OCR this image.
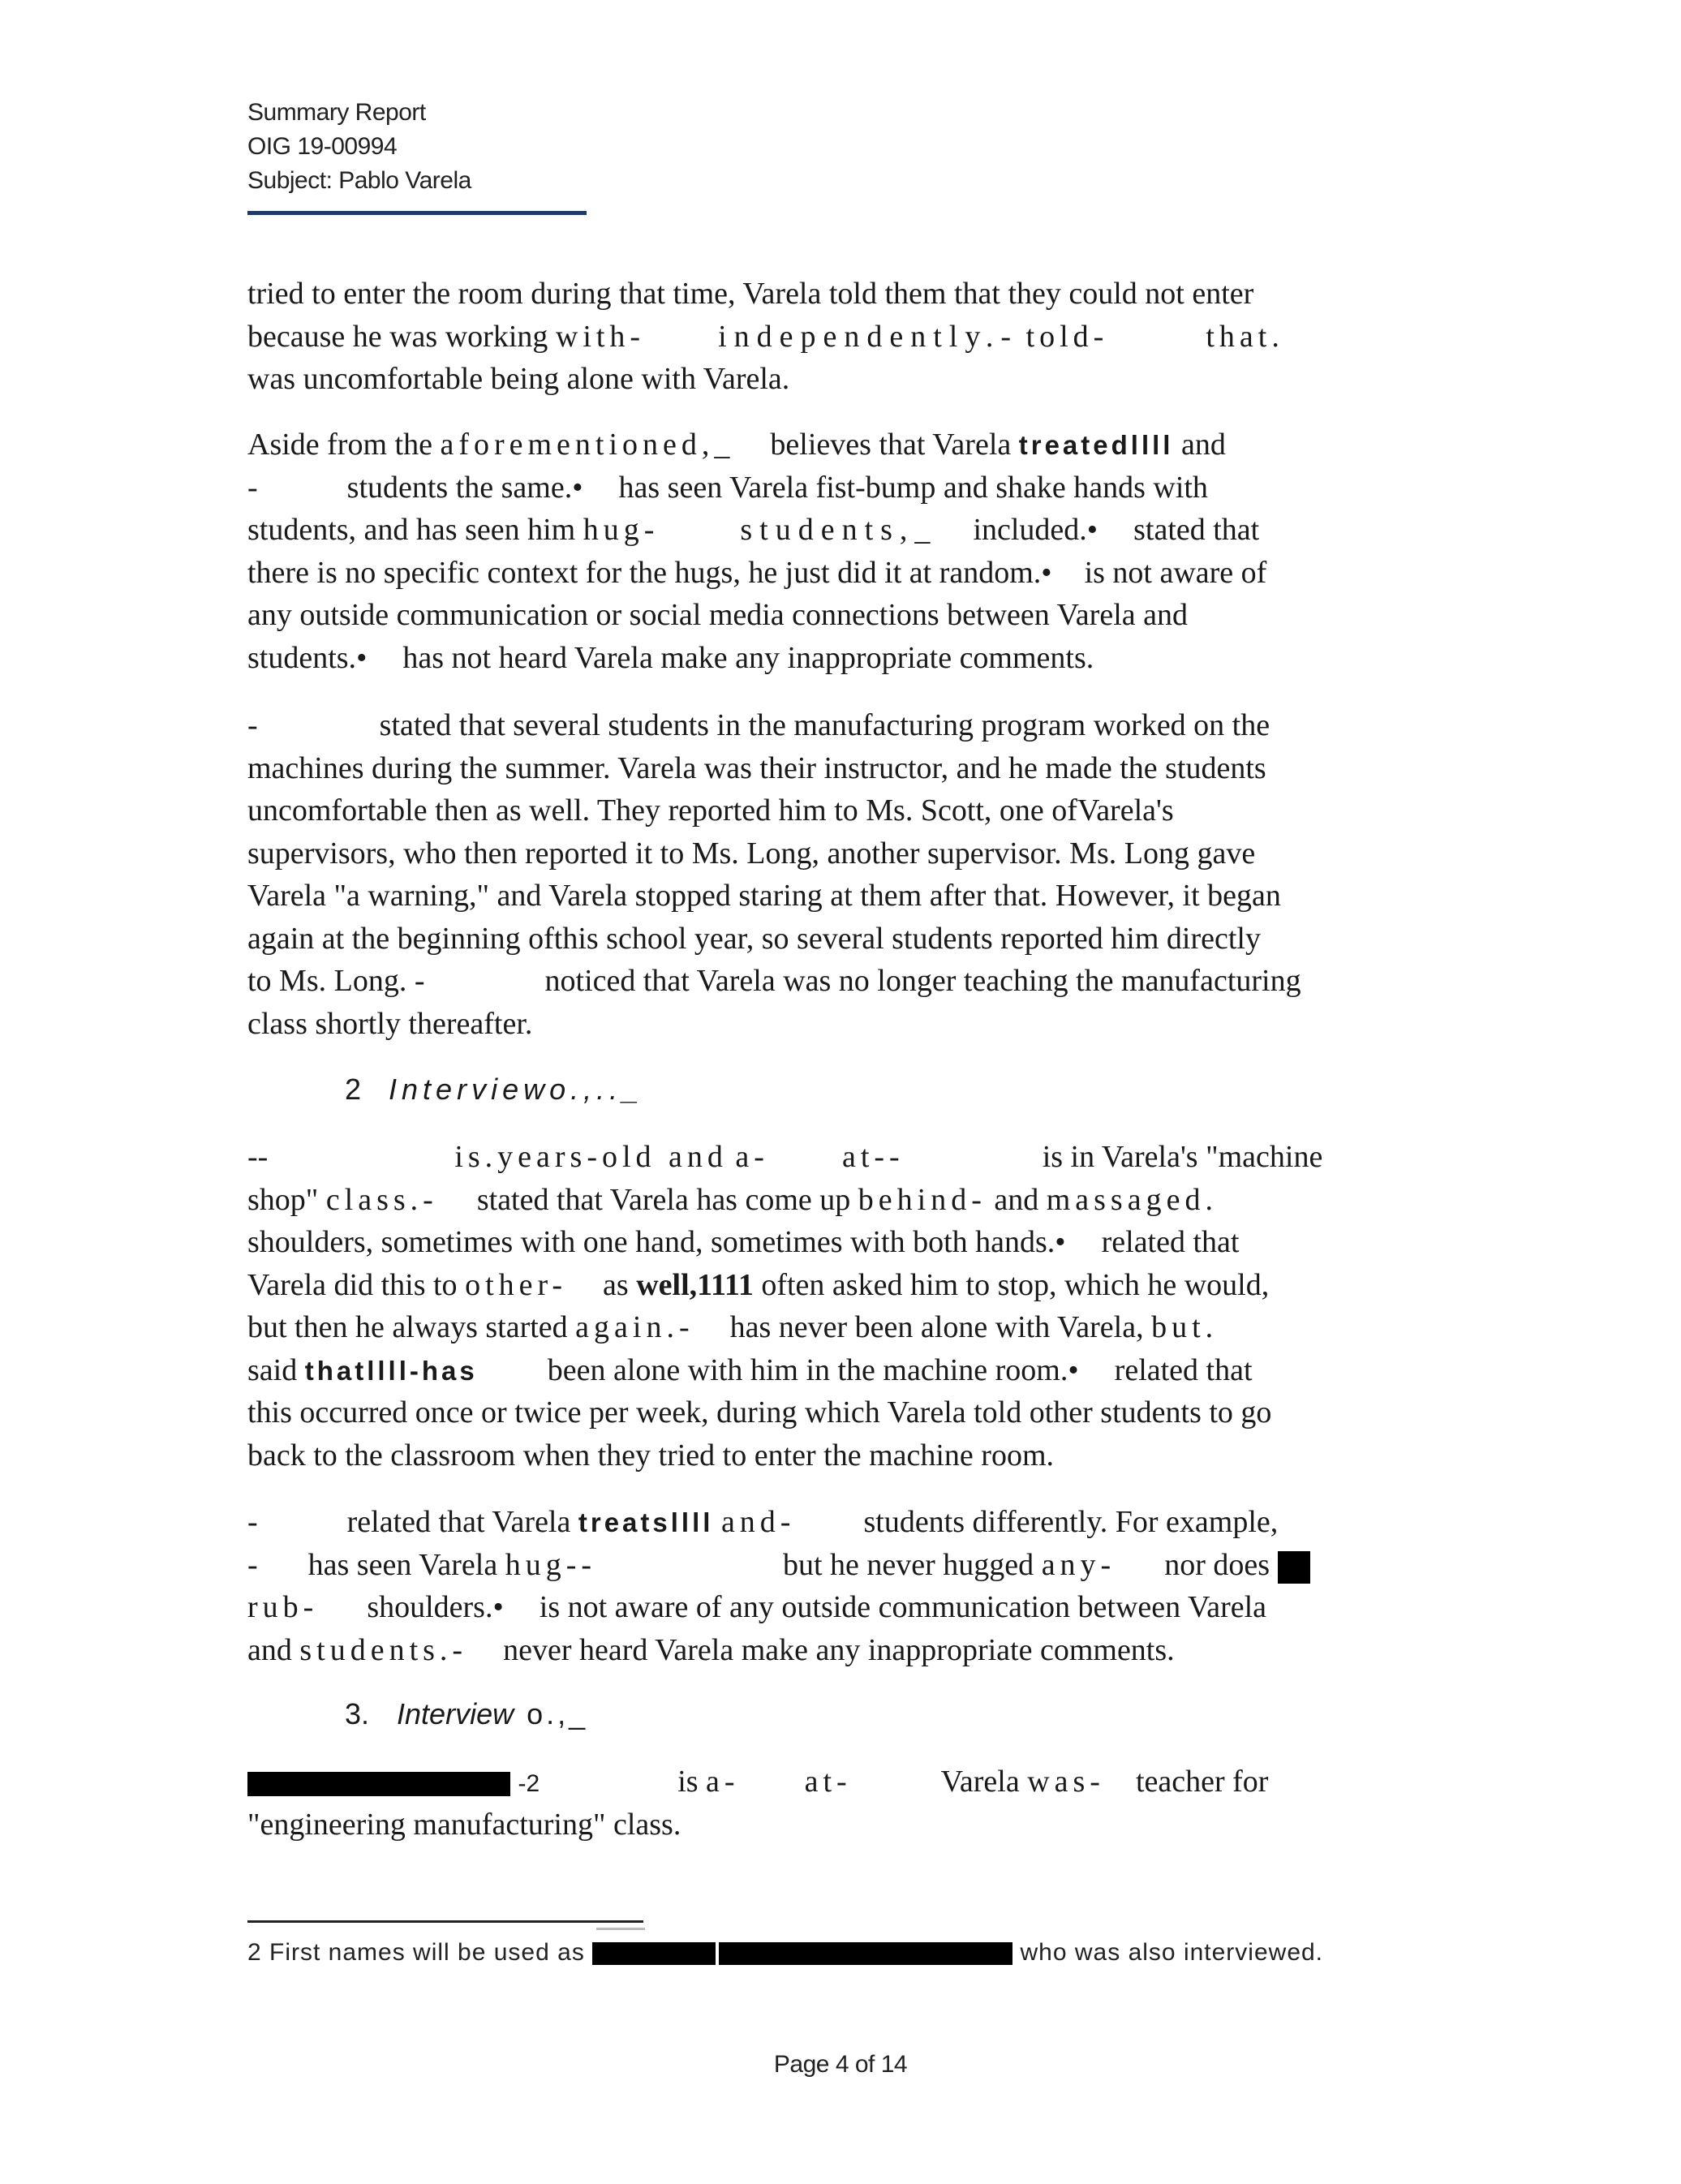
Summary Report
OIG 19-00994
Subject: Pablo Varela
tried to enter the room during that time, Varela told them that they could not enter
because he was working with- independently.- told-	that.
was uncomfortable being alone with Varela.
Aside from the aforementioned,_ believes that Varela treatedllll and
-	students the same.• has seen Varela fist-bump and shake hands with
students, and has seen him hug-	students,_ included.• stated that
there is no specific context for the hugs, he just did it at random.• is not aware of
any outside communication or social media connections between Varela and
students.• has not heard Varela make any inappropriate comments.
-	stated that several students in the manufacturing program worked on the
machines during the summer. Varela was their instructor, and he made the students
uncomfortable then as well. They reported him to Ms. Scott, one ofVarela's
supervisors, who then reported it to Ms. Long, another supervisor. Ms. Long gave
Varela "a warning," and Varela stopped staring at them after that. However, it began
again at the beginning ofthis school year, so several students reported him directly
to Ms. Long. -	noticed that Varela was no longer teaching the manufacturing
class shortly thereafter.
2 Interviewo.,.._
--	is.years-old and a- at--	is in Varela's "machine
shop" class.- stated that Varela has come up behind- and massaged.
shoulders, sometimes with one hand, sometimes with both hands.• related that
Varela did this to other- as well,1111 often asked him to stop, which he would,
but then he always started again.- has never been alone with Varela, but.
said thatllll-has been alone with him in the machine room.• related that
this occurred once or twice per week, during which Varela told other students to go
back to the classroom when they tried to enter the machine room.
-	related that Varela treatsllll and- students differently. For example,
- has seen Varela hug--	but he never hugged any- nor does
rub- shoulders.• is not aware of any outside communication between Varela
and students.- never heard Varela make any inappropriate comments.
3. Interview o.,_
-2	is a- at-	Varela was- teacher for
"engineering manufacturing" class.
2 First names will be used as	who was also interviewed.
Page 4 of 14
